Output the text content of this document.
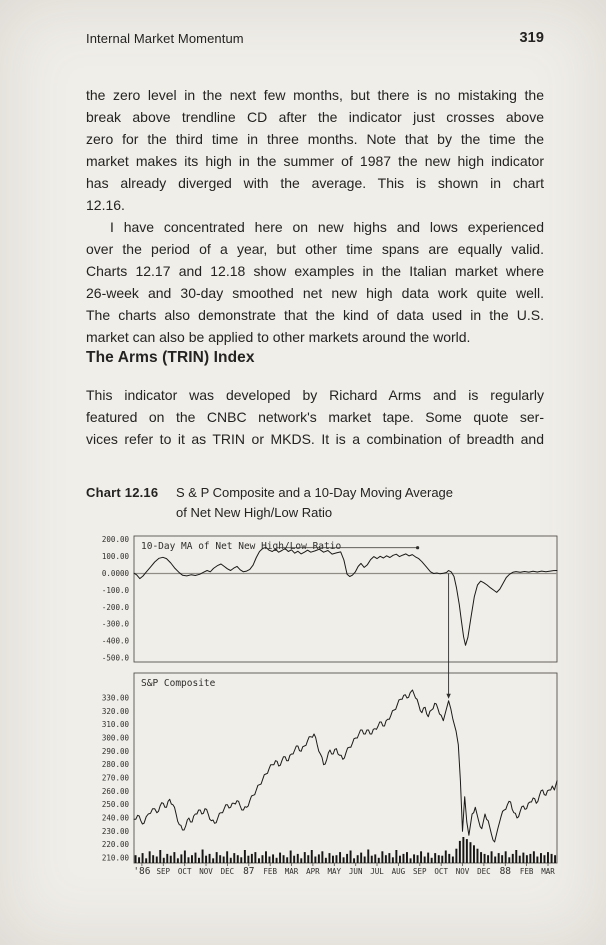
Internal Market Momentum	319
the zero level in the next few months, but there is no mistaking the
break above trendline CD after the indicator just crosses above
zero for the third time in three months. Note that by the time the
market makes its high in the summer of 1987 the new high indicator
has already diverged with the average. This is shown in chart
12.16.
I have concentrated here on new highs and lows experienced
over the period of a year, but other time spans are equally valid.
Charts 12.17 and 12.18 show examples in the Italian market where
26-week and 30-day smoothed net new high data work quite well.
The charts also demonstrate that the kind of data used in the U.S.
market can also be applied to other markets around the world.
The Arms (TRIN) Index
This indicator was developed by Richard Arms and is regularly
featured on the CNBC network's market tape. Some quote ser-
vices refer to it as TRIN or MKDS. It is a combination of breadth and
Chart 12.16	S & P Composite and a 10-Day Moving Average
of Net New High/Low Ratio
200.00
100.00
0.0000
-100.0
-200.0
-300.0
-400.0
-500.0
10-Day MA of Net New High/Low Ratio
330.00
320.00
310.00
300.00
290.00
280.00
270.00
260.00
250.00
240.00
230.00
220.00
210.00
S&P Composite
'86 SEP OCT NOV DEC 87 FEB MAR APR MAY JUN JUL AUG SEP OCT NOV DEC 88 FEB MAR
